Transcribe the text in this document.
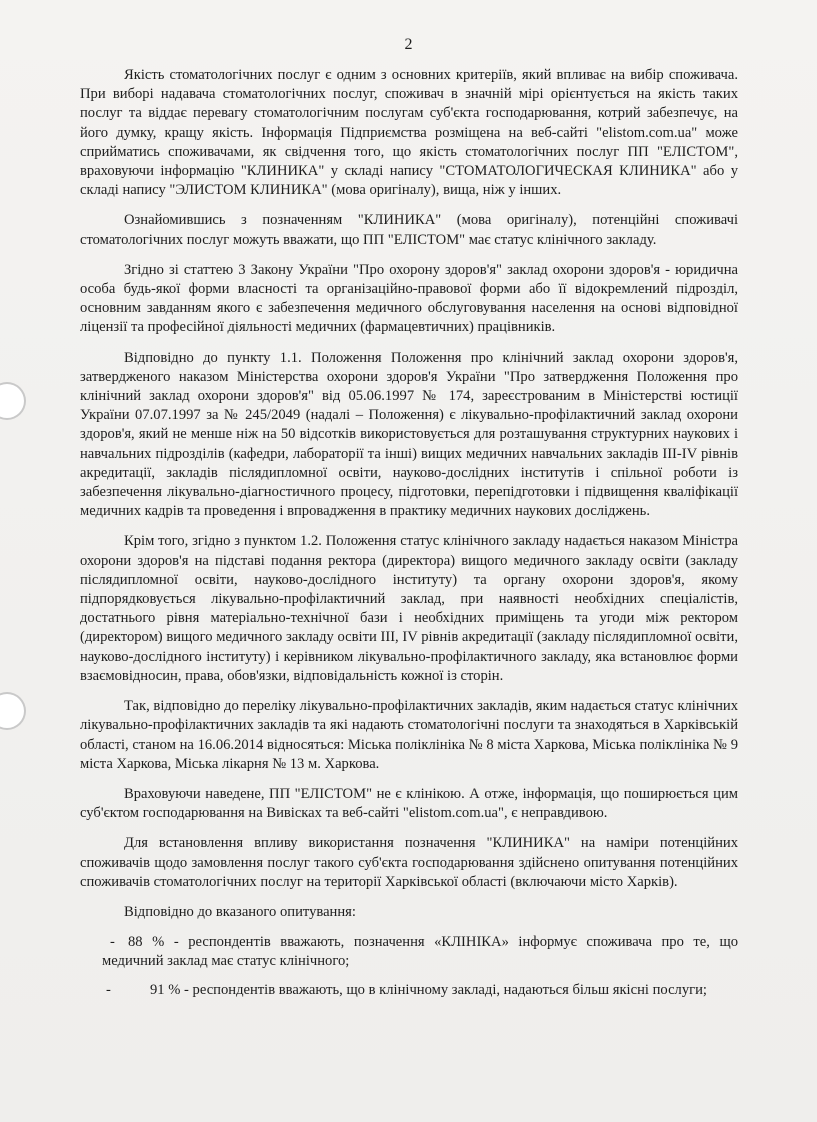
2

Якість стоматологічних послуг є одним з основних критеріїв, який впливає на вибір споживача. При виборі надавача стоматологічних послуг, споживач в значній мірі орієнтується на якість таких послуг та віддає перевагу стоматологічним послугам суб'єкта господарювання, котрий забезпечує, на його думку, кращу якість. Інформація Підприємства розміщена на веб-сайті "elistom.com.ua" може сприйматись споживачами, як свідчення того, що якість стоматологічних послуг ПП "ЕЛІСТОМ", враховуючи інформацію "КЛИНИКА" у складі напису "СТОМАТОЛОГИЧЕСКАЯ КЛИНИКА" або у складі напису "ЭЛИСТОМ КЛИНИКА" (мова оригіналу), вища, ніж у інших.

Ознайомившись з позначенням "КЛИНИКА" (мова оригіналу), потенційні споживачі стоматологічних послуг можуть вважати, що ПП "ЕЛІСТОМ" має статус клінічного закладу.

Згідно зі статтею 3 Закону України "Про охорону здоров'я" заклад охорони здоров'я - юридична особа будь-якої форми власності та організаційно-правової форми або її відокремлений підрозділ, основним завданням якого є забезпечення медичного обслуговування населення на основі відповідної ліцензії та професійної діяльності медичних (фармацевтичних) працівників.

Відповідно до пункту 1.1. Положення Положення про клінічний заклад охорони здоров'я, затвердженого наказом Міністерства охорони здоров'я України "Про затвердження Положення про клінічний заклад охорони здоров'я" від 05.06.1997 № 174, зареєстрованим в Міністерстві юстиції України 07.07.1997 за № 245/2049 (надалі – Положення) є лікувально-профілактичний заклад охорони здоров'я, який не менше ніж на 50 відсотків використовується для розташування структурних наукових і навчальних підрозділів (кафедри, лабораторії та інші) вищих медичних навчальних закладів III-IV рівнів акредитації, закладів післядипломної освіти, науково-дослідних інститутів і спільної роботи із забезпечення лікувально-діагностичного процесу, підготовки, перепідготовки і підвищення кваліфікації медичних кадрів та проведення і впровадження в практику медичних наукових досліджень.

Крім того, згідно з пунктом 1.2. Положення статус клінічного закладу надається наказом Міністра охорони здоров'я на підставі подання ректора (директора) вищого медичного закладу освіти (закладу післядипломної освіти, науково-дослідного інституту) та органу охорони здоров'я, якому підпорядковується лікувально-профілактичний заклад, при наявності необхідних спеціалістів, достатнього рівня матеріально-технічної бази і необхідних приміщень та угоди між ректором (директором) вищого медичного закладу освіти III, IV рівнів акредитації (закладу післядипломної освіти, науково-дослідного інституту) і керівником лікувально-профілактичного закладу, яка встановлює форми взаємовідносин, права, обов'язки, відповідальність кожної із сторін.

Так, відповідно до переліку лікувально-профілактичних закладів, яким надається статус клінічних лікувально-профілактичних закладів та які надають стоматологічні послуги та знаходяться в Харківській області, станом на 16.06.2014 відносяться: Міська поліклініка № 8 міста Харкова, Міська поліклініка № 9 міста Харкова, Міська лікарня № 13 м. Харкова.

Враховуючи наведене, ПП "ЕЛІСТОМ" не є клінікою. А отже, інформація, що поширюється цим суб'єктом господарювання на Вивісках та веб-сайті "elistom.com.ua", є неправдивою.

Для встановлення впливу використання позначення "КЛИНИКА" на наміри потенційних споживачів щодо замовлення послуг такого суб'єкта господарювання здійснено опитування потенційних споживачів стоматологічних послуг на території Харківської області (включаючи місто Харків).

Відповідно до вказаного опитування:

- 88 % - респондентів вважають, позначення «КЛІНІКА» інформує споживача про те, що медичний заклад має статус клінічного;

-	91 % - респондентів вважають, що в клінічному закладі, надаються більш якісні послуги;
